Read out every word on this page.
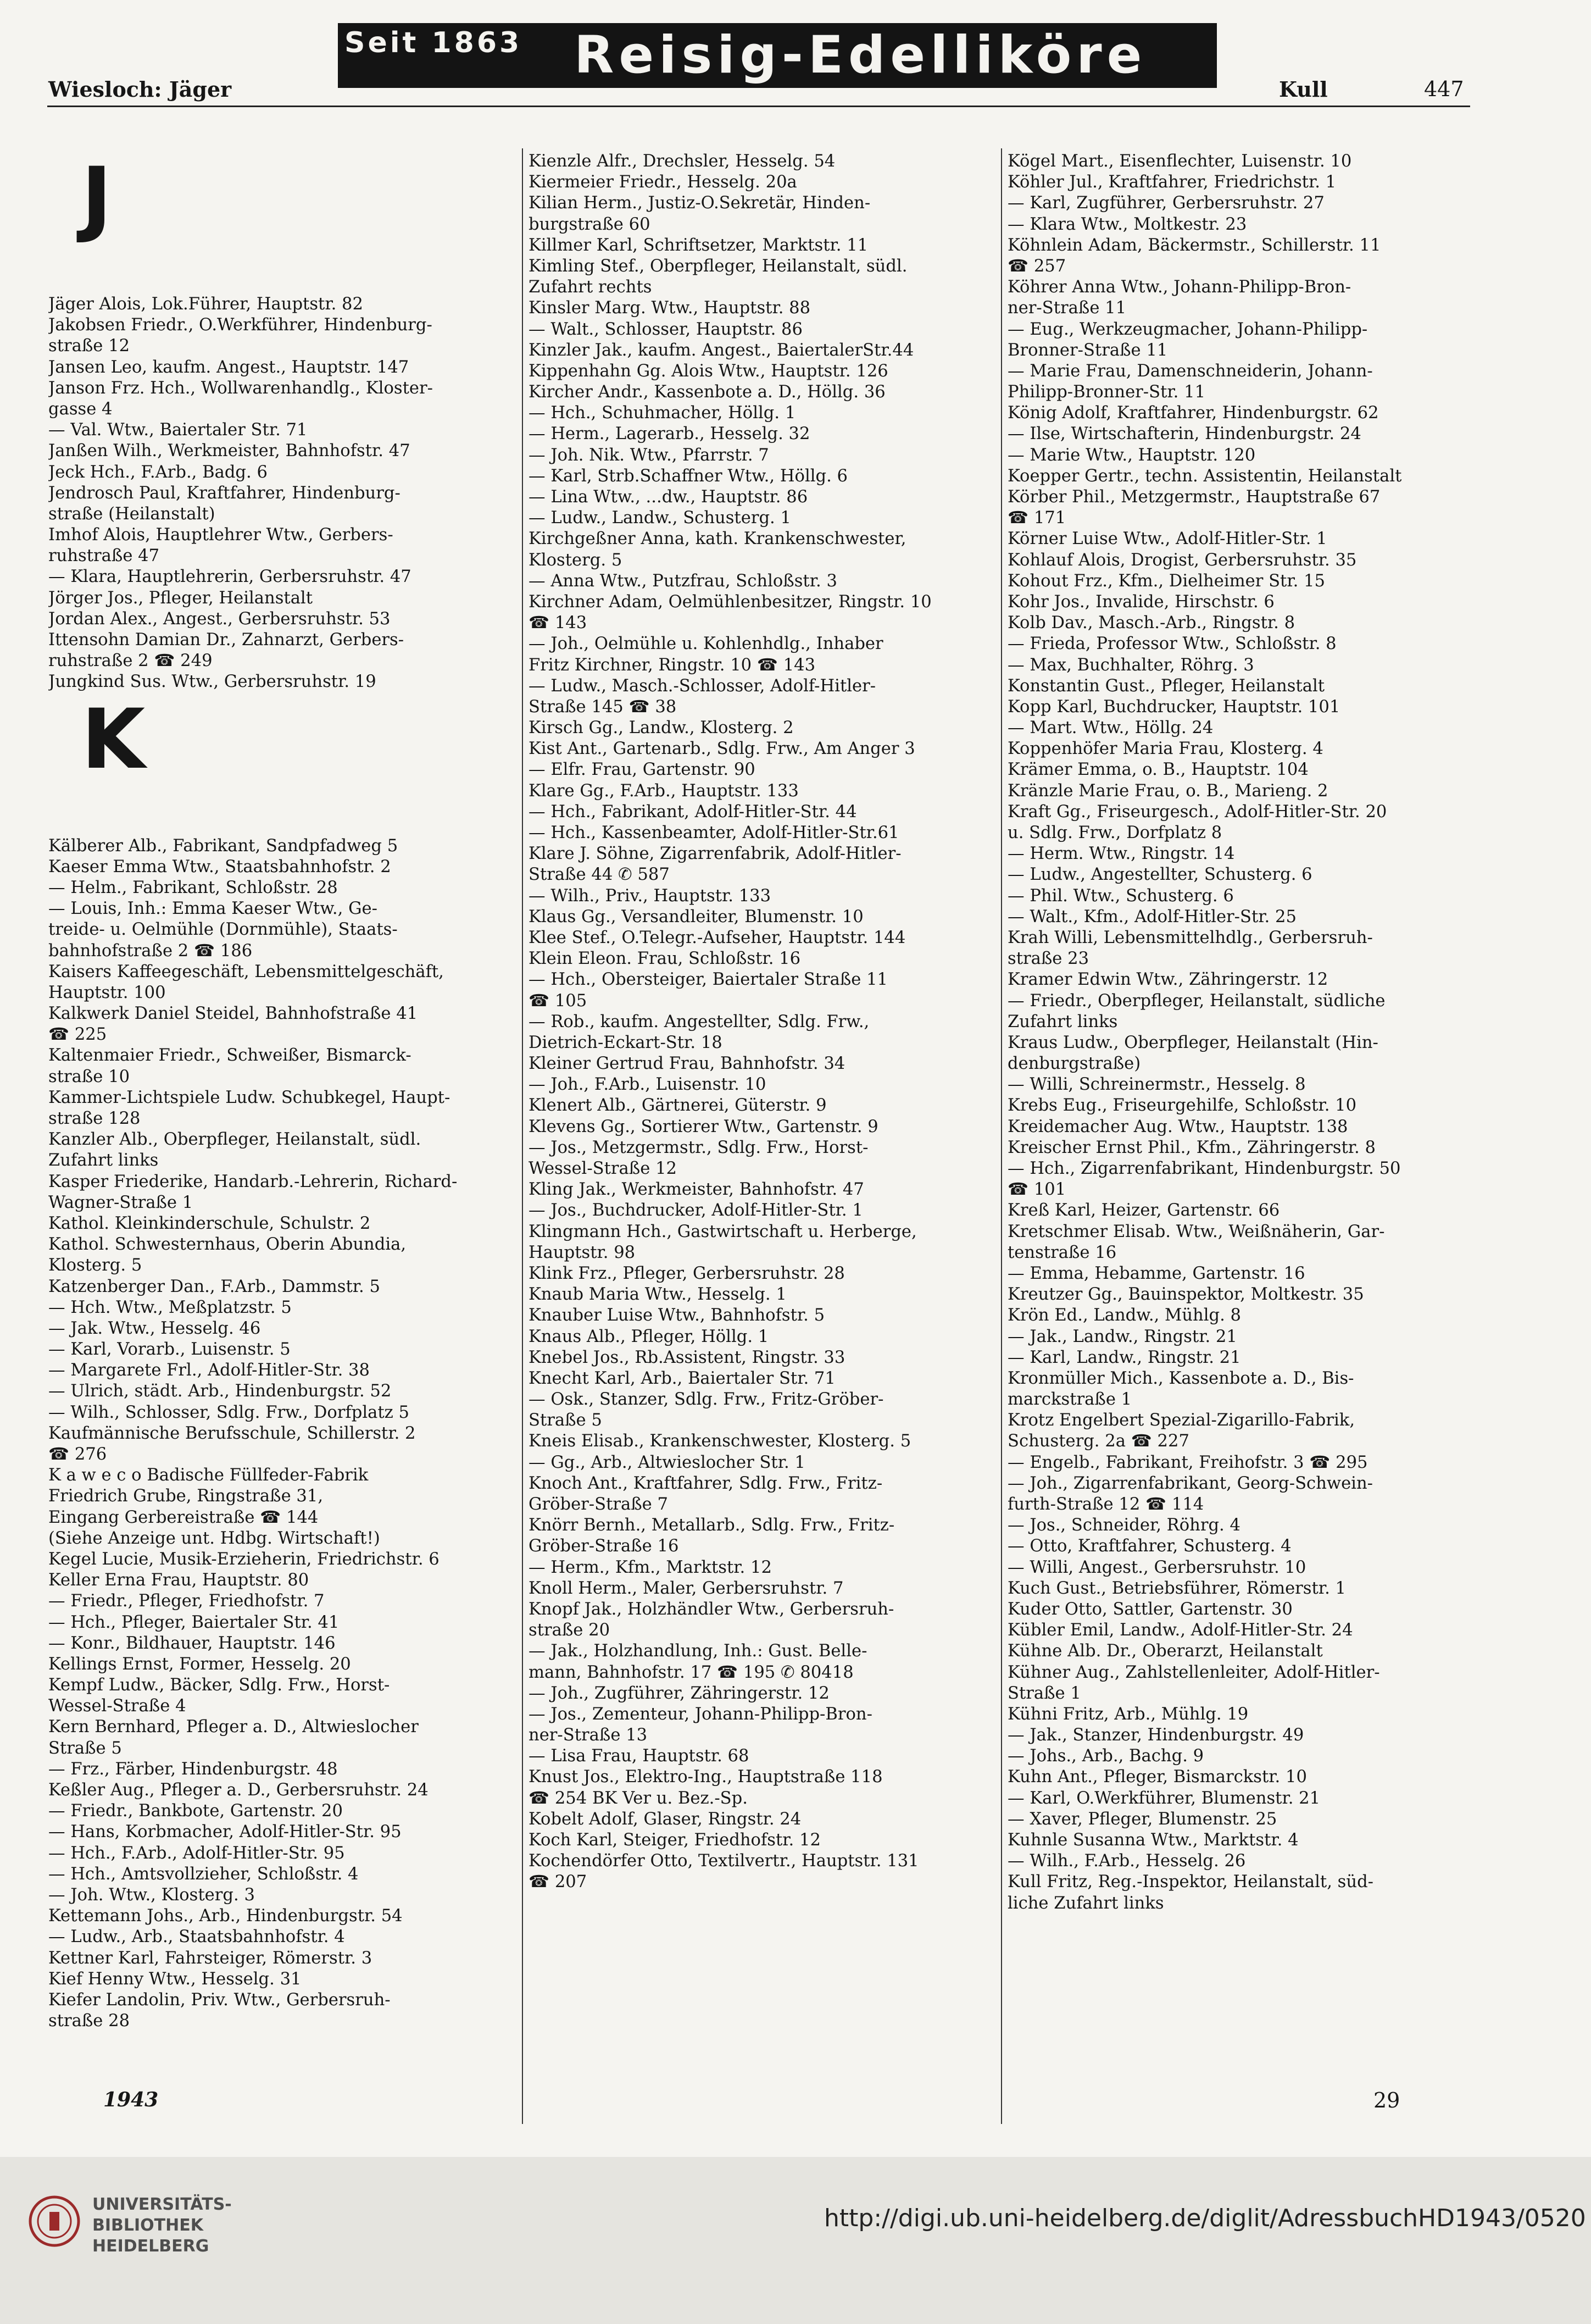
Seit 1863 Reisig-Edelliköre
Wiesloch: Jäger	Kull	447
J
Jäger Alois, Lok.Führer, Hauptstr. 82
Jakobsen Friedr., O.Werkführer, Hindenburg-
straße 12
Jansen Leo, kaufm. Angest., Hauptstr. 147
Janson Frz. Hch., Wollwarenhandlg., Kloster-
gasse 4
— Val. Wtw., Baiertaler Str. 71
Janßen Wilh., Werkmeister, Bahnhofstr. 47
Jeck Hch., F.Arb., Badg. 6
Jendrosch Paul, Kraftfahrer, Hindenburg-
straße (Heilanstalt)
Imhof Alois, Hauptlehrer Wtw., Gerbers-
ruhstraße 47
— Klara, Hauptlehrerin, Gerbersruhstr. 47
Jörger Jos., Pfleger, Heilanstalt
Jordan Alex., Angest., Gerbersruhstr. 53
Ittensohn Damian Dr., Zahnarzt, Gerbers-
ruhstraße 2 ☎ 249
Jungkind Sus. Wtw., Gerbersruhstr. 19
K
Kälberer Alb., Fabrikant, Sandpfadweg 5
Kaeser Emma Wtw., Staatsbahnhofstr. 2
— Helm., Fabrikant, Schloßstr. 28
— Louis, Inh.: Emma Kaeser Wtw., Ge-
treide- u. Oelmühle (Dornmühle), Staats-
bahnhofstraße 2 ☎ 186
Kaisers Kaffeegeschäft, Lebensmittelgeschäft,
Hauptstr. 100
Kalkwerk Daniel Steidel, Bahnhofstraße 41
☎ 225
Kaltenmaier Friedr., Schweißer, Bismarck-
straße 10
Kammer-Lichtspiele Ludw. Schubkegel, Haupt-
straße 128
Kanzler Alb., Oberpfleger, Heilanstalt, südl.
Zufahrt links
Kasper Friederike, Handarb.-Lehrerin, Richard-
Wagner-Straße 1
Kathol. Kleinkinderschule, Schulstr. 2
Kathol. Schwesternhaus, Oberin Abundia,
Klosterg. 5
Katzenberger Dan., F.Arb., Dammstr. 5
— Hch. Wtw., Meßplatzstr. 5
— Jak. Wtw., Hesselg. 46
— Karl, Vorarb., Luisenstr. 5
— Margarete Frl., Adolf-Hitler-Str. 38
— Ulrich, städt. Arb., Hindenburgstr. 52
— Wilh., Schlosser, Sdlg. Frw., Dorfplatz 5
Kaufmännische Berufsschule, Schillerstr. 2
☎ 276
K a w e c o Badische Füllfeder-Fabrik
Friedrich Grube, Ringstraße 31,
Eingang Gerbereistraße ☎ 144
(Siehe Anzeige unt. Hdbg. Wirtschaft!)
Kegel Lucie, Musik-Erzieherin, Friedrichstr. 6
Keller Erna Frau, Hauptstr. 80
— Friedr., Pfleger, Friedhofstr. 7
— Hch., Pfleger, Baiertaler Str. 41
— Konr., Bildhauer, Hauptstr. 146
Kellings Ernst, Former, Hesselg. 20
Kempf Ludw., Bäcker, Sdlg. Frw., Horst-
Wessel-Straße 4
Kern Bernhard, Pfleger a. D., Altwieslocher
Straße 5
— Frz., Färber, Hindenburgstr. 48
Keßler Aug., Pfleger a. D., Gerbersruhstr. 24
— Friedr., Bankbote, Gartenstr. 20
— Hans, Korbmacher, Adolf-Hitler-Str. 95
— Hch., F.Arb., Adolf-Hitler-Str. 95
— Hch., Amtsvollzieher, Schloßstr. 4
— Joh. Wtw., Klosterg. 3
Kettemann Johs., Arb., Hindenburgstr. 54
— Ludw., Arb., Staatsbahnhofstr. 4
Kettner Karl, Fahrsteiger, Römerstr. 3
Kief Henny Wtw., Hesselg. 31
Kiefer Landolin, Priv. Wtw., Gerbersruh-
straße 28
Kienzle Alfr., Drechsler, Hesselg. 54
Kiermeier Friedr., Hesselg. 20a
Kilian Herm., Justiz-O.Sekretär, Hinden-
burgstraße 60
Killmer Karl, Schriftsetzer, Marktstr. 11
Kimling Stef., Oberpfleger, Heilanstalt, südl.
Zufahrt rechts
Kinsler Marg. Wtw., Hauptstr. 88
— Walt., Schlosser, Hauptstr. 86
Kinzler Jak., kaufm. Angest., BaiertalerStr.44
Kippenhahn Gg. Alois Wtw., Hauptstr. 126
Kircher Andr., Kassenbote a. D., Höllg. 36
— Hch., Schuhmacher, Höllg. 1
— Herm., Lagerarb., Hesselg. 32
— Joh. Nik. Wtw., Pfarrstr. 7
— Karl, Strb.Schaffner Wtw., Höllg. 6
— Lina Wtw., ...dw., Hauptstr. 86
— Ludw., Landw., Schusterg. 1
Kirchgeßner Anna, kath. Krankenschwester,
Klosterg. 5
— Anna Wtw., Putzfrau, Schloßstr. 3
Kirchner Adam, Oelmühlenbesitzer, Ringstr. 10
☎ 143
— Joh., Oelmühle u. Kohlenhdlg., Inhaber
Fritz Kirchner, Ringstr. 10 ☎ 143
— Ludw., Masch.-Schlosser, Adolf-Hitler-
Straße 145 ☎ 38
Kirsch Gg., Landw., Klosterg. 2
Kist Ant., Gartenarb., Sdlg. Frw., Am Anger 3
— Elfr. Frau, Gartenstr. 90
Klare Gg., F.Arb., Hauptstr. 133
— Hch., Fabrikant, Adolf-Hitler-Str. 44
— Hch., Kassenbeamter, Adolf-Hitler-Str.61
Klare J. Söhne, Zigarrenfabrik, Adolf-Hitler-
Straße 44 ✆ 587
— Wilh., Priv., Hauptstr. 133
Klaus Gg., Versandleiter, Blumenstr. 10
Klee Stef., O.Telegr.-Aufseher, Hauptstr. 144
Klein Eleon. Frau, Schloßstr. 16
— Hch., Obersteiger, Baiertaler Straße 11
☎ 105
— Rob., kaufm. Angestellter, Sdlg. Frw.,
Dietrich-Eckart-Str. 18
Kleiner Gertrud Frau, Bahnhofstr. 34
— Joh., F.Arb., Luisenstr. 10
Klenert Alb., Gärtnerei, Güterstr. 9
Klevens Gg., Sortierer Wtw., Gartenstr. 9
— Jos., Metzgermstr., Sdlg. Frw., Horst-
Wessel-Straße 12
Kling Jak., Werkmeister, Bahnhofstr. 47
— Jos., Buchdrucker, Adolf-Hitler-Str. 1
Klingmann Hch., Gastwirtschaft u. Herberge,
Hauptstr. 98
Klink Frz., Pfleger, Gerbersruhstr. 28
Knaub Maria Wtw., Hesselg. 1
Knauber Luise Wtw., Bahnhofstr. 5
Knaus Alb., Pfleger, Höllg. 1
Knebel Jos., Rb.Assistent, Ringstr. 33
Knecht Karl, Arb., Baiertaler Str. 71
— Osk., Stanzer, Sdlg. Frw., Fritz-Gröber-
Straße 5
Kneis Elisab., Krankenschwester, Klosterg. 5
— Gg., Arb., Altwieslocher Str. 1
Knoch Ant., Kraftfahrer, Sdlg. Frw., Fritz-
Gröber-Straße 7
Knörr Bernh., Metallarb., Sdlg. Frw., Fritz-
Gröber-Straße 16
— Herm., Kfm., Marktstr. 12
Knoll Herm., Maler, Gerbersruhstr. 7
Knopf Jak., Holzhändler Wtw., Gerbersruh-
straße 20
— Jak., Holzhandlung, Inh.: Gust. Belle-
mann, Bahnhofstr. 17 ☎ 195 ✆ 80418
— Joh., Zugführer, Zähringerstr. 12
— Jos., Zementeur, Johann-Philipp-Bron-
ner-Straße 13
— Lisa Frau, Hauptstr. 68
Knust Jos., Elektro-Ing., Hauptstraße 118
☎ 254 BK Ver u. Bez.-Sp.
Kobelt Adolf, Glaser, Ringstr. 24
Koch Karl, Steiger, Friedhofstr. 12
Kochendörfer Otto, Textilvertr., Hauptstr. 131
☎ 207
Kögel Mart., Eisenflechter, Luisenstr. 10
Köhler Jul., Kraftfahrer, Friedrichstr. 1
— Karl, Zugführer, Gerbersruhstr. 27
— Klara Wtw., Moltkestr. 23
Köhnlein Adam, Bäckermstr., Schillerstr. 11
☎ 257
Köhrer Anna Wtw., Johann-Philipp-Bron-
ner-Straße 11
— Eug., Werkzeugmacher, Johann-Philipp-
Bronner-Straße 11
— Marie Frau, Damenschneiderin, Johann-
Philipp-Bronner-Str. 11
König Adolf, Kraftfahrer, Hindenburgstr. 62
— Ilse, Wirtschafterin, Hindenburgstr. 24
— Marie Wtw., Hauptstr. 120
Koepper Gertr., techn. Assistentin, Heilanstalt
Körber Phil., Metzgermstr., Hauptstraße 67
☎ 171
Körner Luise Wtw., Adolf-Hitler-Str. 1
Kohlauf Alois, Drogist, Gerbersruhstr. 35
Kohout Frz., Kfm., Dielheimer Str. 15
Kohr Jos., Invalide, Hirschstr. 6
Kolb Dav., Masch.-Arb., Ringstr. 8
— Frieda, Professor Wtw., Schloßstr. 8
— Max, Buchhalter, Röhrg. 3
Konstantin Gust., Pfleger, Heilanstalt
Kopp Karl, Buchdrucker, Hauptstr. 101
— Mart. Wtw., Höllg. 24
Koppenhöfer Maria Frau, Klosterg. 4
Krämer Emma, o. B., Hauptstr. 104
Kränzle Marie Frau, o. B., Marieng. 2
Kraft Gg., Friseurgesch., Adolf-Hitler-Str. 20
u. Sdlg. Frw., Dorfplatz 8
— Herm. Wtw., Ringstr. 14
— Ludw., Angestellter, Schusterg. 6
— Phil. Wtw., Schusterg. 6
— Walt., Kfm., Adolf-Hitler-Str. 25
Krah Willi, Lebensmittelhdlg., Gerbersruh-
straße 23
Kramer Edwin Wtw., Zähringerstr. 12
— Friedr., Oberpfleger, Heilanstalt, südliche
Zufahrt links
Kraus Ludw., Oberpfleger, Heilanstalt (Hin-
denburgstraße)
— Willi, Schreinermstr., Hesselg. 8
Krebs Eug., Friseurgehilfe, Schloßstr. 10
Kreidemacher Aug. Wtw., Hauptstr. 138
Kreischer Ernst Phil., Kfm., Zähringerstr. 8
— Hch., Zigarrenfabrikant, Hindenburgstr. 50
☎ 101
Kreß Karl, Heizer, Gartenstr. 66
Kretschmer Elisab. Wtw., Weißnäherin, Gar-
tenstraße 16
— Emma, Hebamme, Gartenstr. 16
Kreutzer Gg., Bauinspektor, Moltkestr. 35
Krön Ed., Landw., Mühlg. 8
— Jak., Landw., Ringstr. 21
— Karl, Landw., Ringstr. 21
Kronmüller Mich., Kassenbote a. D., Bis-
marckstraße 1
Krotz Engelbert Spezial-Zigarillo-Fabrik,
Schusterg. 2a ☎ 227
— Engelb., Fabrikant, Freihofstr. 3 ☎ 295
— Joh., Zigarrenfabrikant, Georg-Schwein-
furth-Straße 12 ☎ 114
— Jos., Schneider, Röhrg. 4
— Otto, Kraftfahrer, Schusterg. 4
— Willi, Angest., Gerbersruhstr. 10
Kuch Gust., Betriebsführer, Römerstr. 1
Kuder Otto, Sattler, Gartenstr. 30
Kübler Emil, Landw., Adolf-Hitler-Str. 24
Kühne Alb. Dr., Oberarzt, Heilanstalt
Kühner Aug., Zahlstellenleiter, Adolf-Hitler-
Straße 1
Kühni Fritz, Arb., Mühlg. 19
— Jak., Stanzer, Hindenburgstr. 49
— Johs., Arb., Bachg. 9
Kuhn Ant., Pfleger, Bismarckstr. 10
— Karl, O.Werkführer, Blumenstr. 21
— Xaver, Pfleger, Blumenstr. 25
Kuhnle Susanna Wtw., Marktstr. 4
— Wilh., F.Arb., Hesselg. 26
Kull Fritz, Reg.-Inspektor, Heilanstalt, süd-
liche Zufahrt links
1943	29
UNIVERSITÄTS-
BIBLIOTHEK
HEIDELBERG
http://digi.ub.uni-heidelberg.de/diglit/AdressbuchHD1943/0520
